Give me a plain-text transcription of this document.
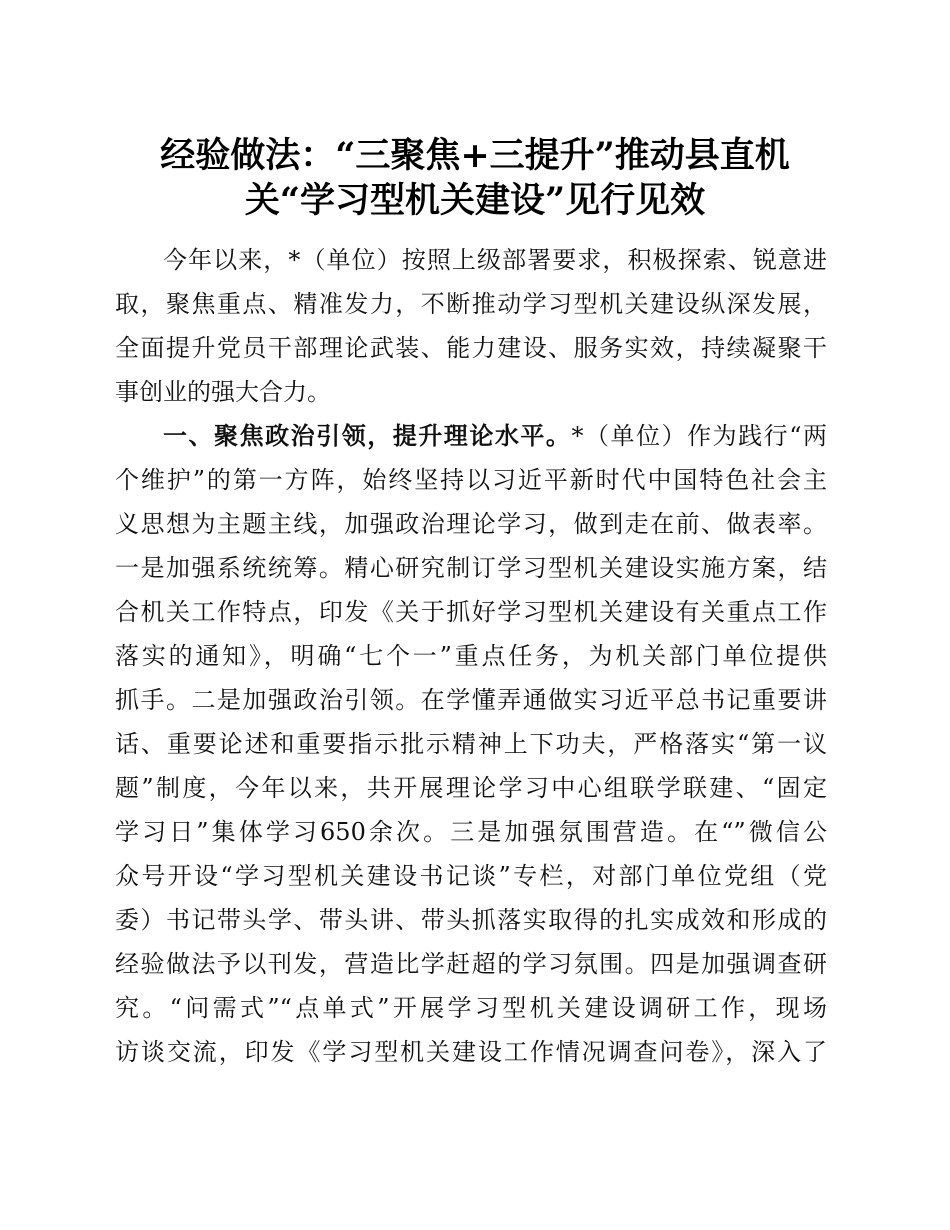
经验做法：“三聚焦+三提升”推动县直机
关“学习型机关建设”见行见效
今年以来，*（单位）按照上级部署要求，积极探索、锐意进
取，聚焦重点、精准发力，不断推动学习型机关建设纵深发展，
全面提升党员干部理论武装、能力建设、服务实效，持续凝聚干
事创业的强大合力。
一、聚焦政治引领，提升理论水平。*（单位）作为践行“两
个维护”的第一方阵，始终坚持以习近平新时代中国特色社会主
义思想为主题主线，加强政治理论学习，做到走在前、做表率。
一是加强系统统筹。精心研究制订学习型机关建设实施方案，结
合机关工作特点，印发《关于抓好学习型机关建设有关重点工作
落实的通知》，明确“七个一”重点任务，为机关部门单位提供
抓手。二是加强政治引领。在学懂弄通做实习近平总书记重要讲
话、重要论述和重要指示批示精神上下功夫，严格落实“第一议
题”制度，今年以来，共开展理论学习中心组联学联建、“固定
学习日”集体学习650余次。三是加强氛围营造。在“”微信公
众号开设“学习型机关建设书记谈”专栏，对部门单位党组（党
委）书记带头学、带头讲、带头抓落实取得的扎实成效和形成的
经验做法予以刊发，营造比学赶超的学习氛围。四是加强调查研
究。“问需式”“点单式”开展学习型机关建设调研工作，现场
访谈交流，印发《学习型机关建设工作情况调查问卷》，深入了
